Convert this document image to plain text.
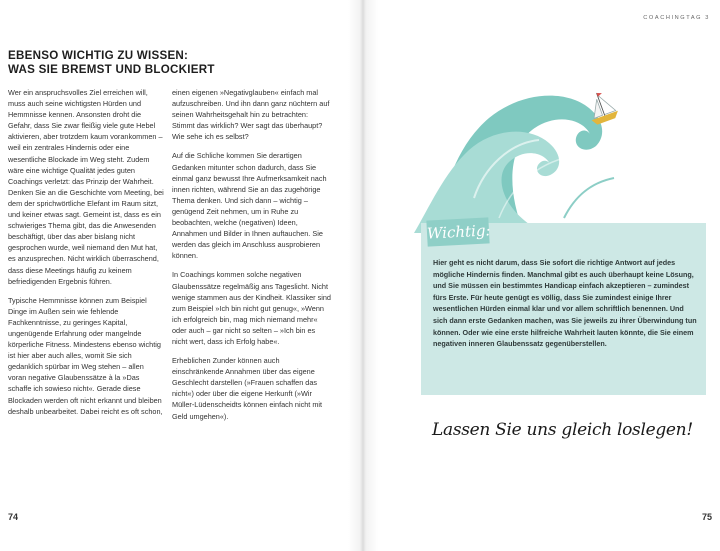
EBENSO WICHTIG ZU WISSEN:
WAS SIE BREMST UND BLOCKIERT

Wer ein anspruchsvolles Ziel erreichen will, muss auch seine wichtigsten Hürden und Hemmnisse kennen. Ansonsten droht die Gefahr, dass Sie zwar fleißig viele gute Hebel aktivieren, aber trotzdem kaum vorankommen – weil ein zentrales Hindernis oder eine wesentliche Blockade im Weg steht. Zudem wäre eine wichtige Qualität jedes guten Coachings verletzt: das Prinzip der Wahrheit. Denken Sie an die Geschichte vom Meeting, bei dem der sprichwörtliche Elefant im Raum sitzt, und keiner etwas sagt. Gemeint ist, dass es ein schwieriges Thema gibt, das die Anwesenden beschäftigt, über das aber bislang nicht gesprochen wurde, weil niemand den Mut hat, es anzusprechen. Nicht wirklich überraschend, dass diese Meetings häufig zu keinem befriedigenden Ergebnis führen.

Typische Hemmnisse können zum Beispiel Dinge im Außen sein wie fehlende Fachkenntnisse, zu geringes Kapital, ungenügende Erfahrung oder mangelnde körperliche Fitness. Mindestens ebenso wichtig ist hier aber auch alles, womit Sie sich gedanklich spürbar im Weg stehen – allen voran negative Glaubenssätze à la »Das schaffe ich sowieso nicht«. Gerade diese Blockaden werden oft nicht erkannt und bleiben deshalb unbearbeitet. Dabei reicht es oft schon,

einen eigenen »Negativglauben« einfach mal aufzuschreiben. Und ihn dann ganz nüchtern auf seinen Wahrheitsgehalt hin zu betrachten: Stimmt das wirklich? Wer sagt das überhaupt? Wie sehe ich es selbst?

Auf die Schliche kommen Sie derartigen Gedanken mitunter schon dadurch, dass Sie einmal ganz bewusst Ihre Aufmerksamkeit nach innen richten, während Sie an das zugehörige Thema denken. Und sich dann – wichtig – genügend Zeit nehmen, um in Ruhe zu beobachten, welche (negativen) Ideen, Annahmen und Bilder in Ihnen auftauchen. Sie werden das gleich im Anschluss ausprobieren können.

In Coachings kommen solche negativen Glaubenssätze regelmäßig ans Tageslicht. Nicht wenige stammen aus der Kindheit. Klassiker sind zum Beispiel »Ich bin nicht gut genug«, »Wenn ich erfolgreich bin, mag mich niemand mehr« oder auch – gar nicht so selten – »Ich bin es nicht wert, dass ich Erfolg habe«.

Erheblichen Zunder können auch einschränkende Annahmen über das eigene Geschlecht darstellen (»Frauen schaffen das nicht«) oder über die eigene Herkunft (»Wir Müller-Lüdenscheidts können einfach nicht mit Geld umgehen«).

74
COACHINGTAG 3
Wichtig:
Hier geht es nicht darum, dass Sie sofort die richtige Antwort auf jedes mögliche Hindernis finden. Manchmal gibt es auch überhaupt keine Lösung, und Sie müssen ein bestimmtes Handicap einfach akzeptieren – zumindest fürs Erste. Für heute genügt es völlig, dass Sie zumindest einige Ihrer wesentlichen Hürden einmal klar und vor allem schriftlich benennen. Und sich dann erste Gedanken machen, was Sie jeweils zu ihrer Überwindung tun können. Oder wie eine erste hilfreiche Wahrheit lauten könnte, die Sie einem negativen inneren Glaubenssatz gegenüberstellen.
Lassen Sie uns gleich loslegen!
75
